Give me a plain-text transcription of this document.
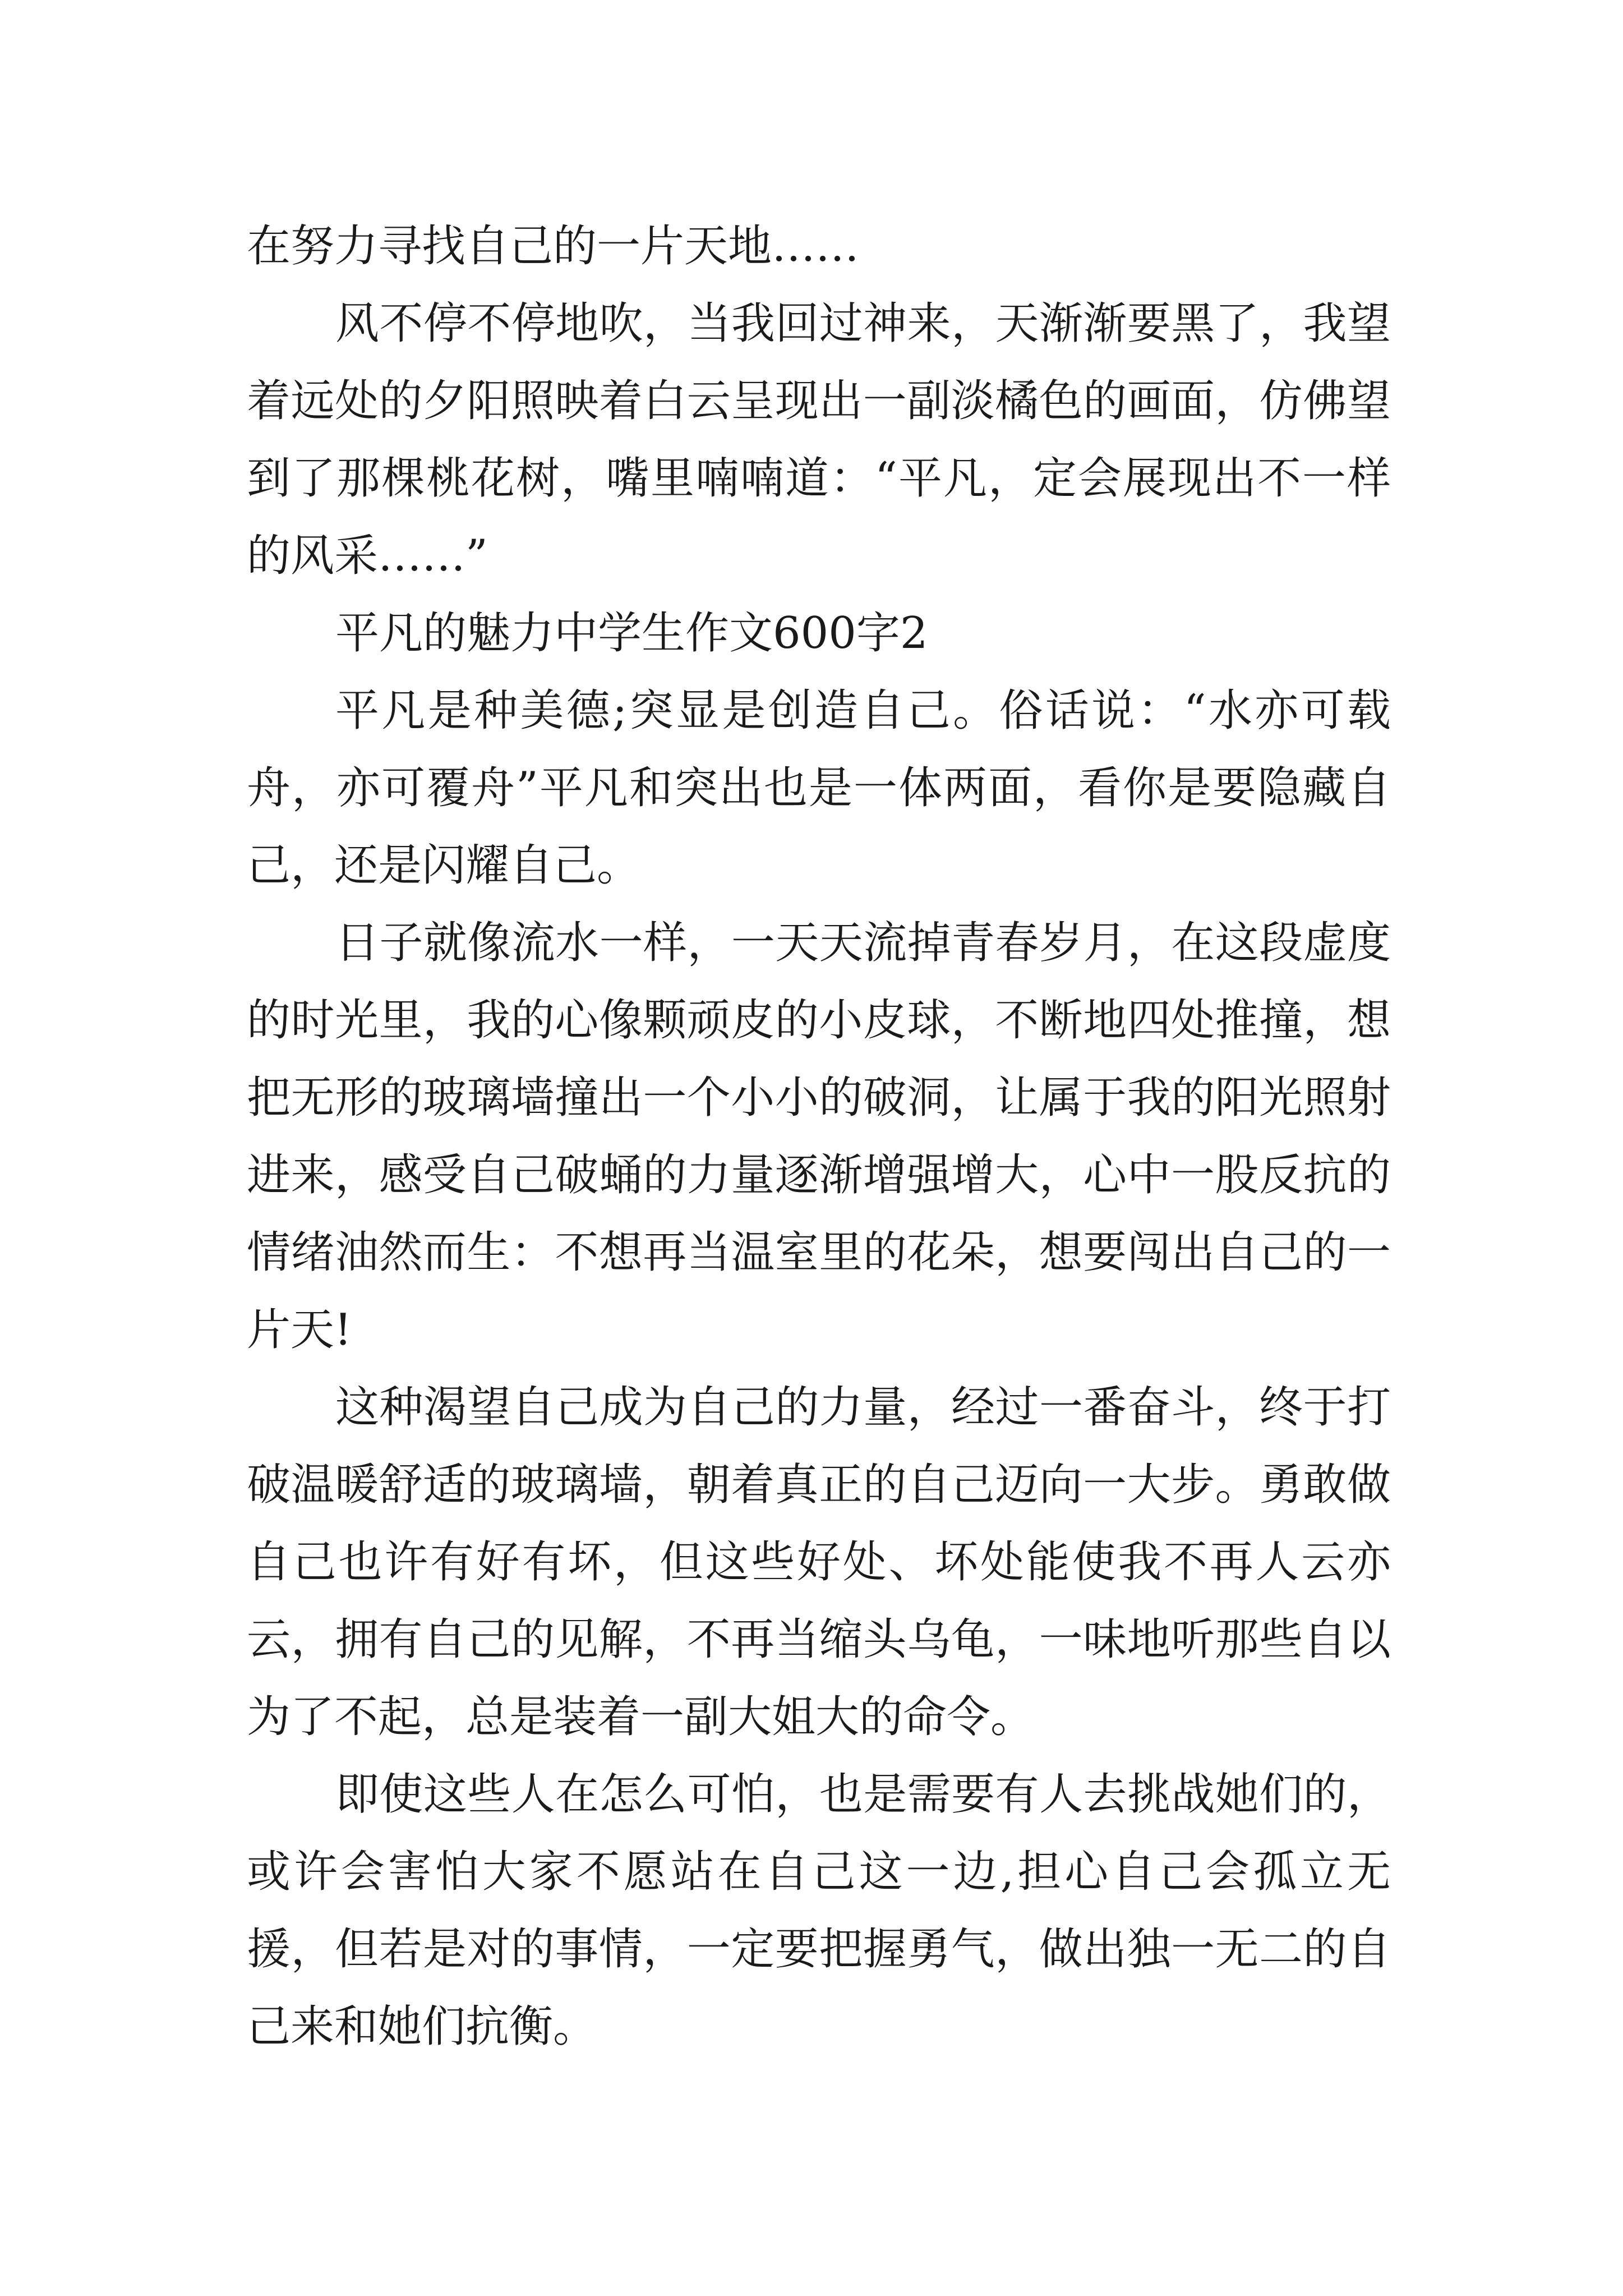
在努力寻找自己的一片天地……

风不停不停地吹，当我回过神来，天渐渐要黑了，我望着远处的夕阳照映着白云呈现出一副淡橘色的画面，仿佛望到了那棵桃花树，嘴里喃喃道：“平凡，定会展现出不一样的风采……”

平凡的魅力中学生作文600字2

平凡是种美德;突显是创造自己。俗话说：“水亦可载舟，亦可覆舟”平凡和突出也是一体两面，看你是要隐藏自己，还是闪耀自己。

日子就像流水一样，一天天流掉青春岁月，在这段虚度的时光里，我的心像颗顽皮的小皮球，不断地四处推撞，想把无形的玻璃墙撞出一个小小的破洞，让属于我的阳光照射进来，感受自己破蛹的力量逐渐增强增大，心中一股反抗的情绪油然而生：不想再当温室里的花朵，想要闯出自己的一片天!

这种渴望自己成为自己的力量，经过一番奋斗，终于打破温暖舒适的玻璃墙，朝着真正的自己迈向一大步。勇敢做自己也许有好有坏，但这些好处、坏处能使我不再人云亦云，拥有自己的见解，不再当缩头乌龟，一味地听那些自以为了不起，总是装着一副大姐大的命令。

即使这些人在怎么可怕，也是需要有人去挑战她们的，或许会害怕大家不愿站在自己这一边,担心自己会孤立无援，但若是对的事情，一定要把握勇气，做出独一无二的自己来和她们抗衡。
